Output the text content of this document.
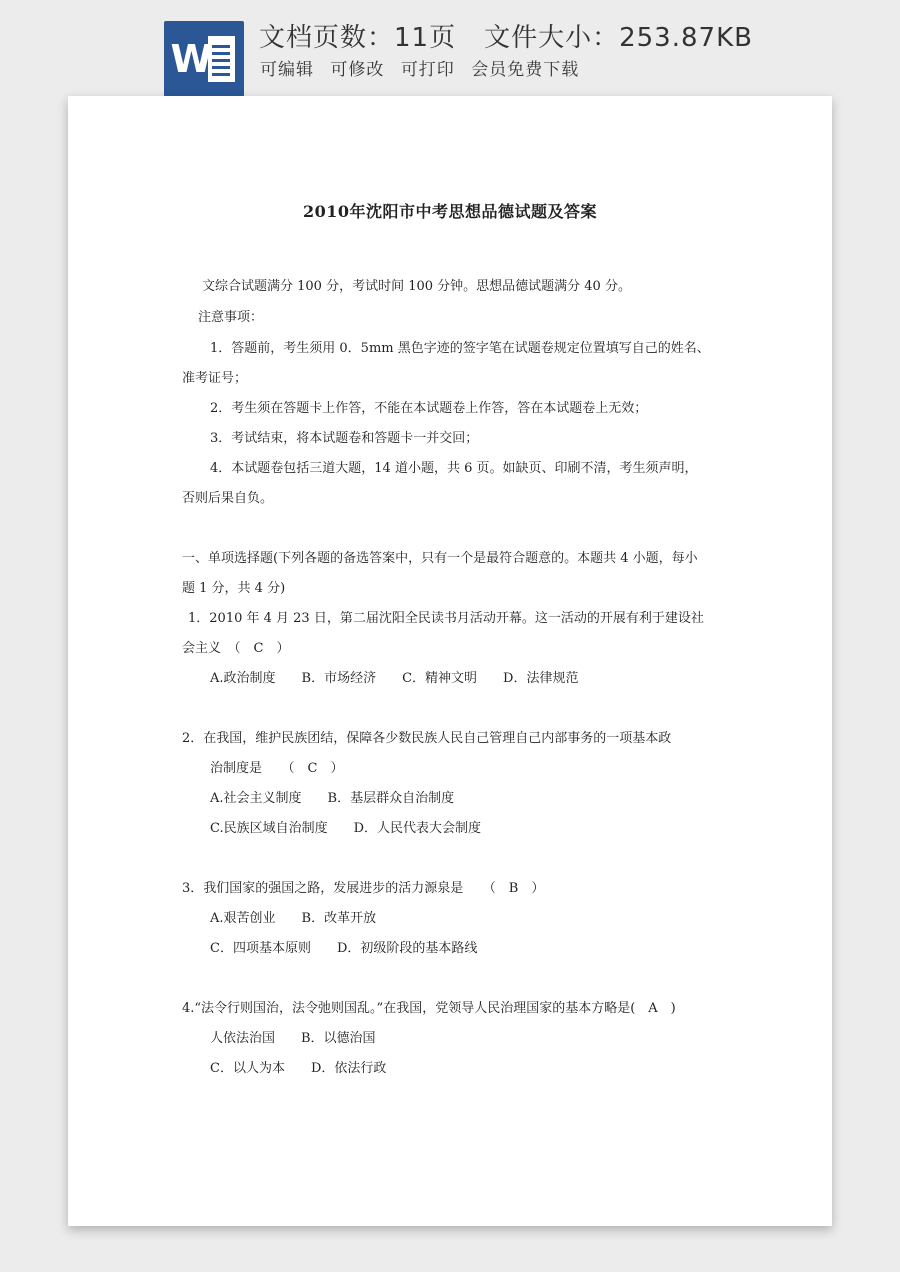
W 文档页数：11页 文件大小：253.87KB
可编辑 可修改 可打印 会员免费下载
2010年沈阳市中考思想品德试题及答案
文综合试题满分 100 分，考试时间 100 分钟。思想品德试题满分 40 分。
注意事项：
1．答题前，考生须用 0．5mm 黑色字迹的签字笔在试题卷规定位置填写自己的姓名、
准考证号；
2．考生须在答题卡上作答，不能在本试题卷上作答，答在本试题卷上无效；
3．考试结束，将本试题卷和答题卡一并交回；
4．本试题卷包括三道大题，14 道小题，共 6 页。如缺页、印刷不清，考生须声明，
否则后果自负。
一、单项选择题(下列各题的备选答案中，只有一个是最符合题意的。本题共 4 小题，每小
题 1 分，共 4 分)
1．2010 年 4 月 23 日，第二届沈阳全民读书月活动开幕。这一活动的开展有利于建设社
会主义　（　C　）
A.政治制度　　B．市场经济　　C．精神文明　　D．法律规范
2．在我国，维护民族团结，保障各少数民族人民自己管理自己内部事务的一项基本政
治制度是　　（　C　）
A.社会主义制度　　B．基层群众自治制度
C.民族区域自治制度　　D．人民代表大会制度
3．我们国家的强国之路，发展进步的活力源泉是　　（　B　）
A.艰苦创业　　B．改革开放
C．四项基本原则　　D．初级阶段的基本路线
4.“法令行则国治，法令弛则国乱。”在我国，党领导人民治理国家的基本方略是(　A　)
人依法治国　　B．以德治国
C．以人为本　　D．依法行政
